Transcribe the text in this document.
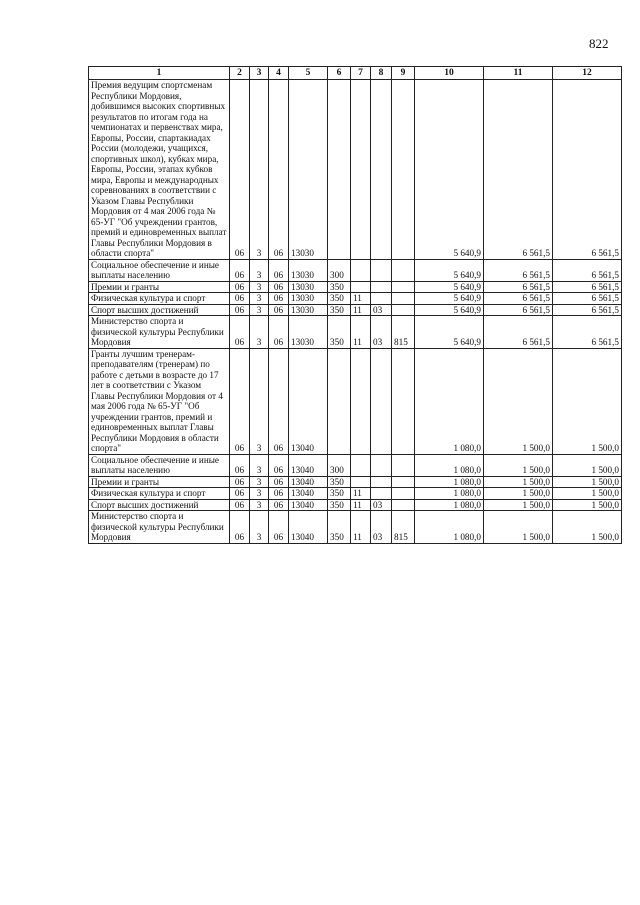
822
1	2	3	4	5	6	7	8	9	10	11	12
Премия ведущим спортсменам Республики Мордовия, добившимся высоких спортивных результатов по итогам года на чемпионатах и первенствах мира, Европы, России, спартакиадах России (молодежи, учащихся, спортивных школ), кубках мира, Европы, России, этапах кубков мира, Европы и международных соревнованиях в соответствии с Указом Главы Республики Мордовия от 4 мая 2006 года № 65-УГ "Об учреждении грантов, премий и единовременных выплат Главы Республики Мордовия в области спорта"	06	3	06	13030					5 640,9	6 561,5	6 561,5
Социальное обеспечение и иные выплаты населению	06	3	06	13030	300				5 640,9	6 561,5	6 561,5
Премии и гранты	06	3	06	13030	350				5 640,9	6 561,5	6 561,5
Физическая культура и спорт	06	3	06	13030	350	11			5 640,9	6 561,5	6 561,5
Спорт высших достижений	06	3	06	13030	350	11	03		5 640,9	6 561,5	6 561,5
Министерство спорта и физической культуры Республики Мордовия	06	3	06	13030	350	11	03	815	5 640,9	6 561,5	6 561,5
Гранты лучшим тренерам-преподавателям (тренерам) по работе с детьми в возрасте до 17 лет в соответствии с Указом Главы Республики Мордовия от 4 мая 2006 года № 65-УГ "Об учреждении грантов, премий и единовременных выплат Главы Республики Мордовия в области спорта"	06	3	06	13040					1 080,0	1 500,0	1 500,0
Социальное обеспечение и иные выплаты населению	06	3	06	13040	300				1 080,0	1 500,0	1 500,0
Премии и гранты	06	3	06	13040	350				1 080,0	1 500,0	1 500,0
Физическая культура и спорт	06	3	06	13040	350	11			1 080,0	1 500,0	1 500,0
Спорт высших достижений	06	3	06	13040	350	11	03		1 080,0	1 500,0	1 500,0
Министерство спорта и физической культуры Республики Мордовия	06	3	06	13040	350	11	03	815	1 080,0	1 500,0	1 500,0
